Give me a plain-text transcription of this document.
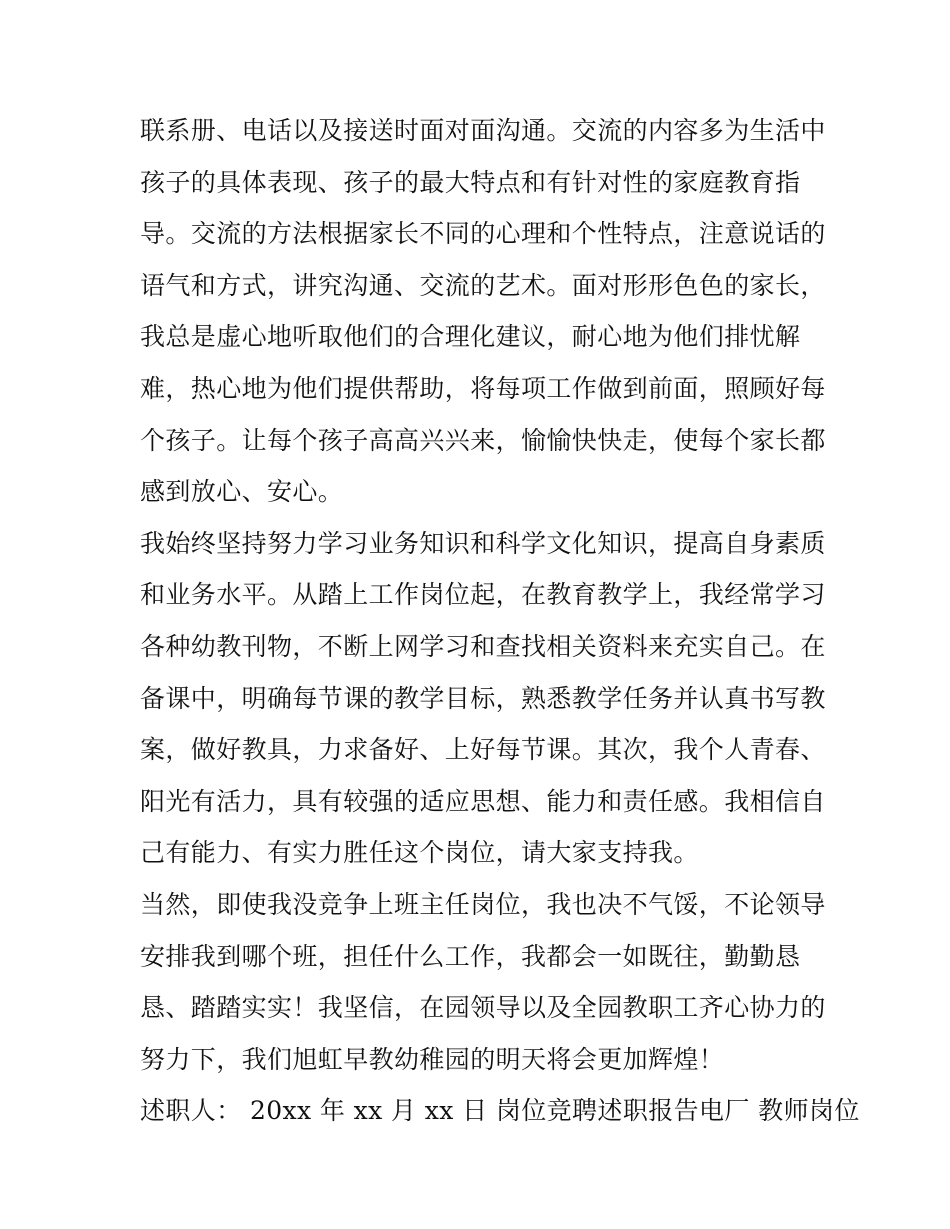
联系册、电话以及接送时面对面沟通。交流的内容多为生活中
孩子的具体表现、孩子的最大特点和有针对性的家庭教育指
导。交流的方法根据家长不同的心理和个性特点，注意说话的
语气和方式，讲究沟通、交流的艺术。面对形形色色的家长，
我总是虚心地听取他们的合理化建议，耐心地为他们排忧解
难，热心地为他们提供帮助，将每项工作做到前面，照顾好每
个孩子。让每个孩子高高兴兴来，愉愉快快走，使每个家长都
感到放心、安心。
我始终坚持努力学习业务知识和科学文化知识，提高自身素质
和业务水平。从踏上工作岗位起，在教育教学上，我经常学习
各种幼教刊物，不断上网学习和查找相关资料来充实自己。在
备课中，明确每节课的教学目标，熟悉教学任务并认真书写教
案，做好教具，力求备好、上好每节课。其次，我个人青春、
阳光有活力，具有较强的适应思想、能力和责任感。我相信自
己有能力、有实力胜任这个岗位，请大家支持我。
当然，即使我没竞争上班主任岗位，我也决不气馁，不论领导
安排我到哪个班，担任什么工作，我都会一如既往，勤勤恳
恳、踏踏实实！我坚信，在园领导以及全园教职工齐心协力的
努力下，我们旭虹早教幼稚园的明天将会更加辉煌！
述职人： 20xx 年 xx 月 xx 日 岗位竞聘述职报告电厂 教师岗位
